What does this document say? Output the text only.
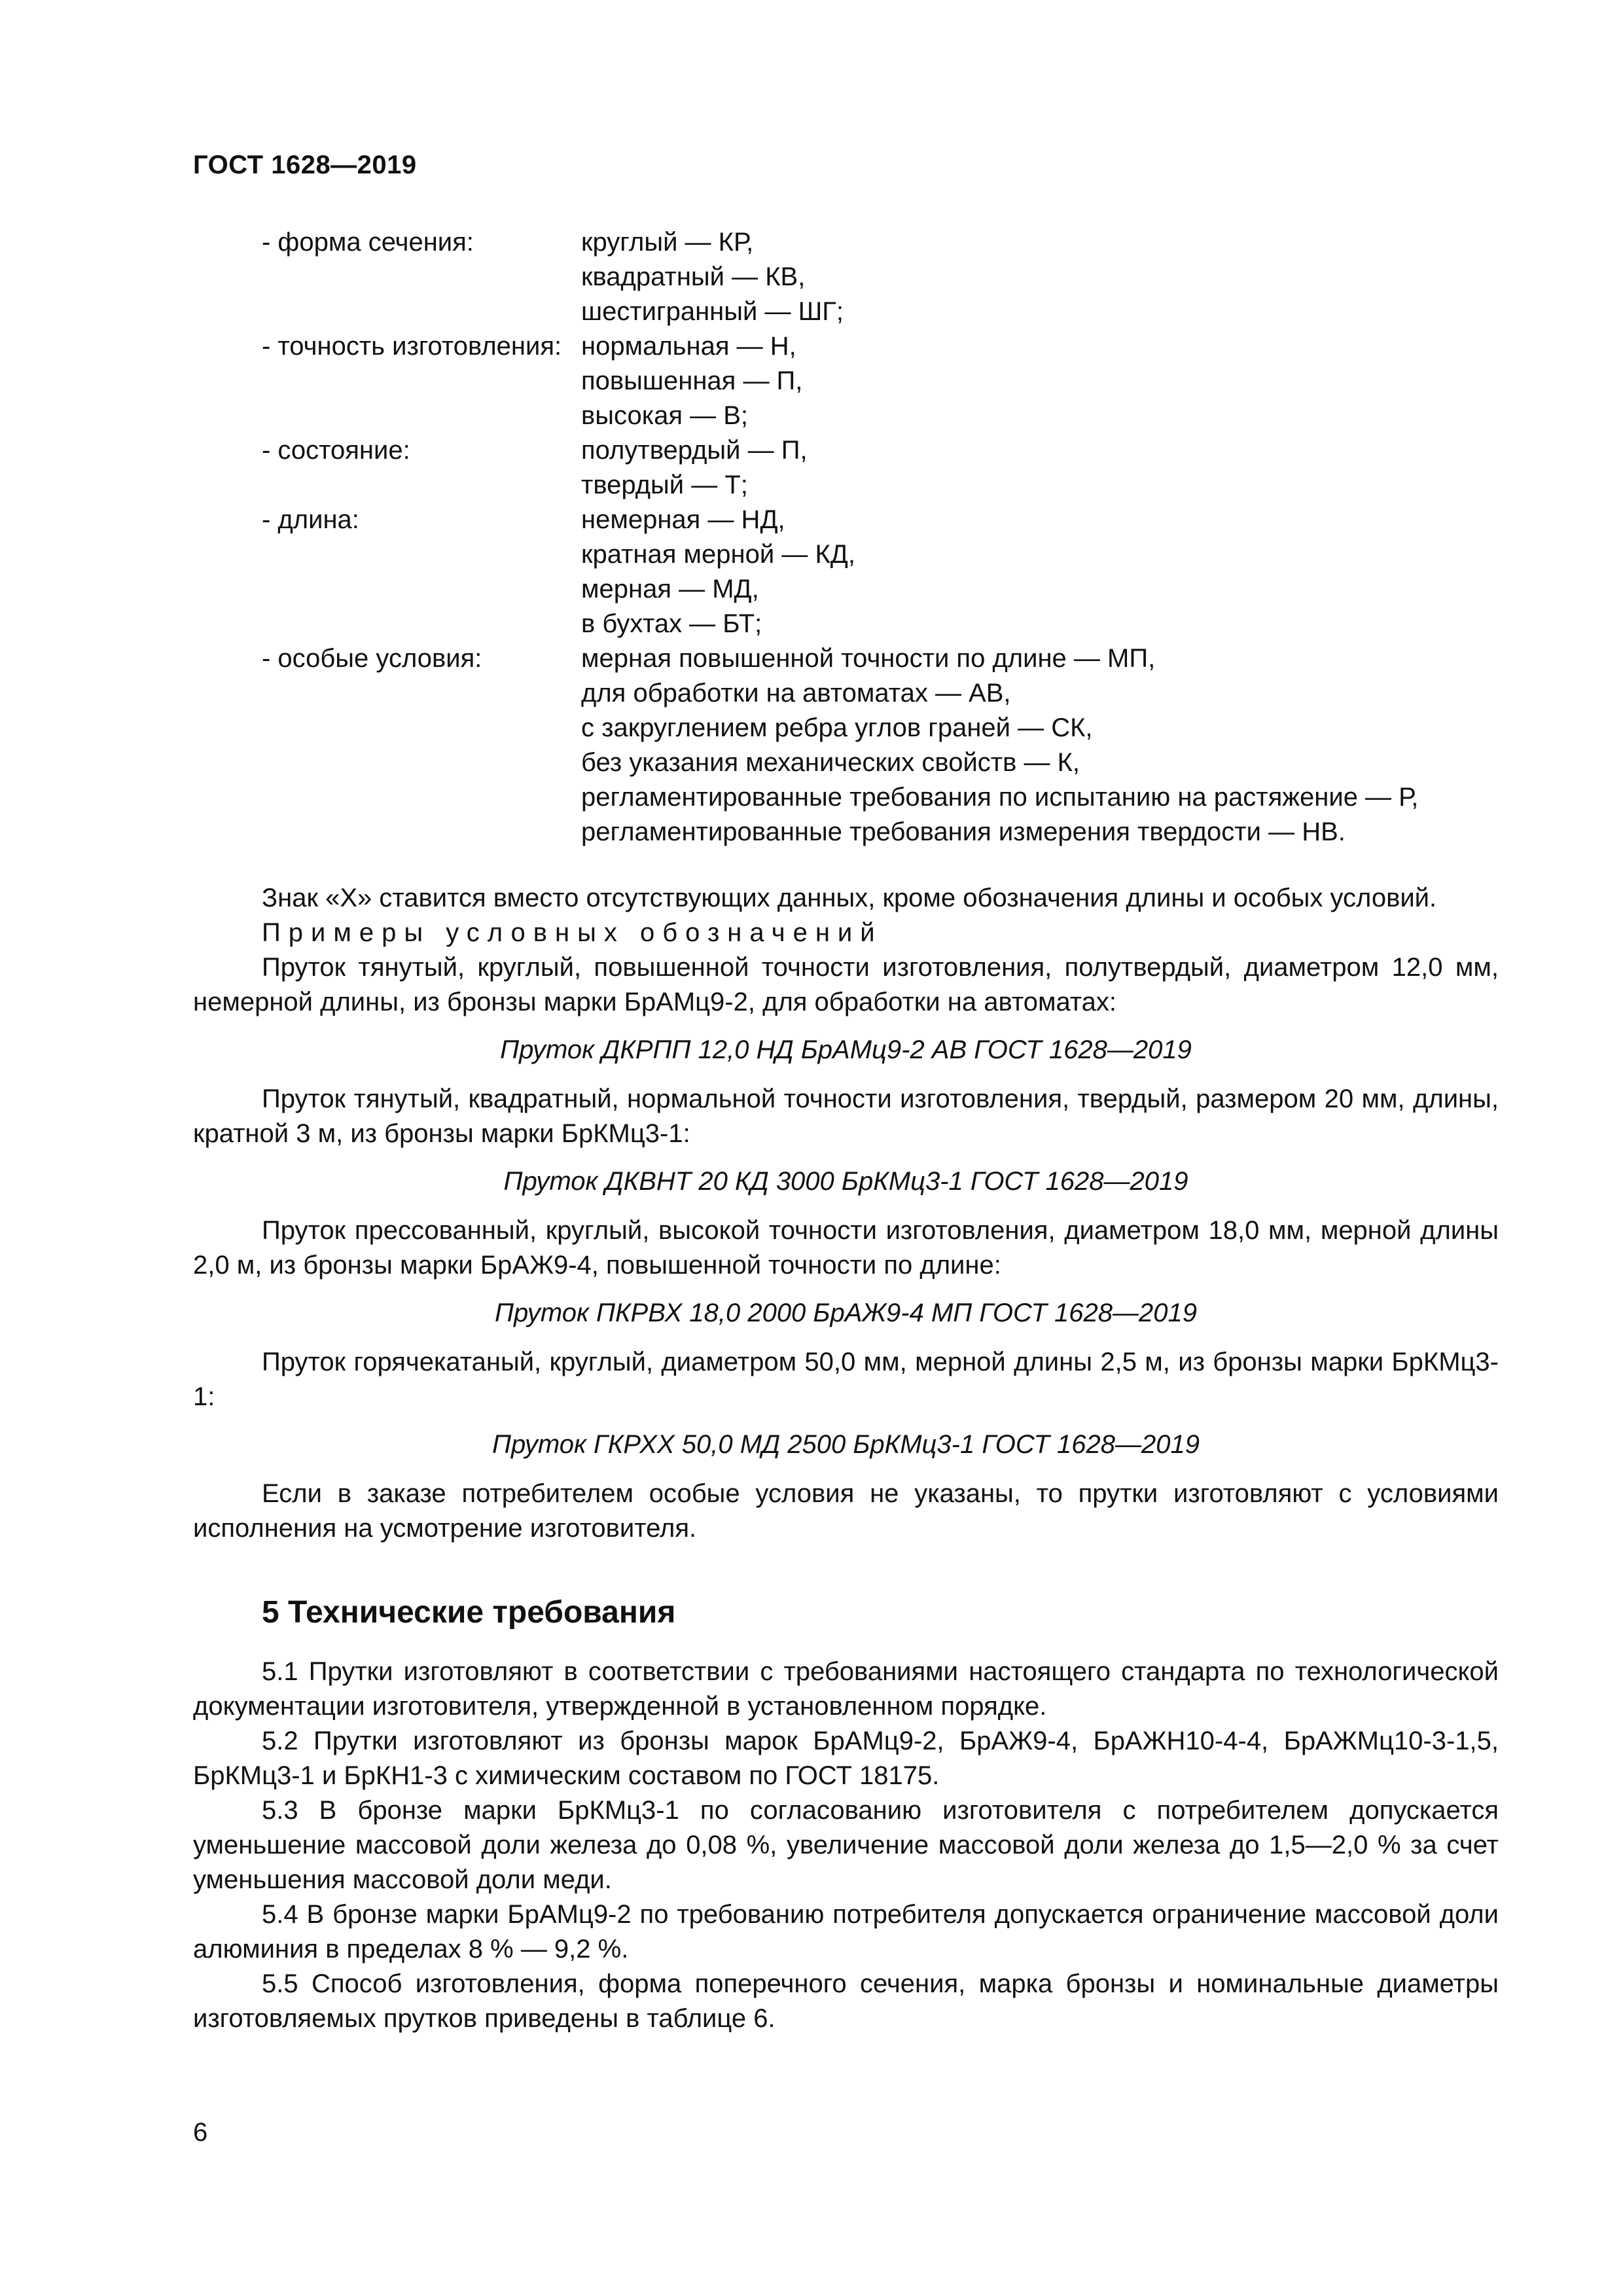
ГОСТ 1628—2019
- форма сечения:	круглый — КР,
квадратный — КВ,
шестигранный — ШГ;
- точность изготовления: нормальная — Н,
повышенная — П,
высокая — В;
- состояние:	полутвердый — П,
твердый — Т;
- длина:	немерная — НД,
кратная мерной — КД,
мерная — МД,
в бухтах — БТ;
- особые условия:	мерная повышенной точности по длине — МП,
для обработки на автоматах — АВ,
с закруглением ребра углов граней — СК,
без указания механических свойств — К,
регламентированные требования по испытанию на растяжение — Р,
регламентированные требования измерения твердости — НВ.

Знак «Х» ставится вместо отсутствующих данных, кроме обозначения длины и особых условий.

Примеры условных обозначений

Пруток тянутый, круглый, повышенной точности изготовления, полутвердый, диаметром 12,0 мм, немерной длины, из бронзы марки БрАМц9-2, для обработки на автоматах:

Пруток ДКРПП 12,0 НД БрАМц9-2 АВ ГОСТ 1628—2019

Пруток тянутый, квадратный, нормальной точности изготовления, твердый, размером 20 мм, длины, кратной 3 м, из бронзы марки БрКМц3-1:

Пруток ДКВНТ 20 КД 3000 БрКМц3-1 ГОСТ 1628—2019

Пруток прессованный, круглый, высокой точности изготовления, диаметром 18,0 мм, мерной длины 2,0 м, из бронзы марки БрАЖ9-4, повышенной точности по длине:

Пруток ПКРВХ 18,0 2000 БрАЖ9-4 МП ГОСТ 1628—2019

Пруток горячекатаный, круглый, диаметром 50,0 мм, мерной длины 2,5 м, из бронзы марки БрКМц3-1:

Пруток ГКРХХ 50,0 МД 2500 БрКМц3-1 ГОСТ 1628—2019

Если в заказе потребителем особые условия не указаны, то прутки изготовляют с условиями исполнения на усмотрение изготовителя.

5 Технические требования

5.1 Прутки изготовляют в соответствии с требованиями настоящего стандарта по технологической документации изготовителя, утвержденной в установленном порядке.

5.2 Прутки изготовляют из бронзы марок БрАМц9-2, БрАЖ9-4, БрАЖН10-4-4, БрАЖМц10-3-1,5, БрКМц3-1 и БрКН1-3 с химическим составом по ГОСТ 18175.

5.3 В бронзе марки БрКМц3-1 по согласованию изготовителя с потребителем допускается уменьшение массовой доли железа до 0,08 %, увеличение массовой доли железа до 1,5—2,0 % за счет уменьшения массовой доли меди.

5.4 В бронзе марки БрАМц9-2 по требованию потребителя допускается ограничение массовой доли алюминия в пределах 8 % — 9,2 %.

5.5 Способ изготовления, форма поперечного сечения, марка бронзы и номинальные диаметры изготовляемых прутков приведены в таблице 6.

6
